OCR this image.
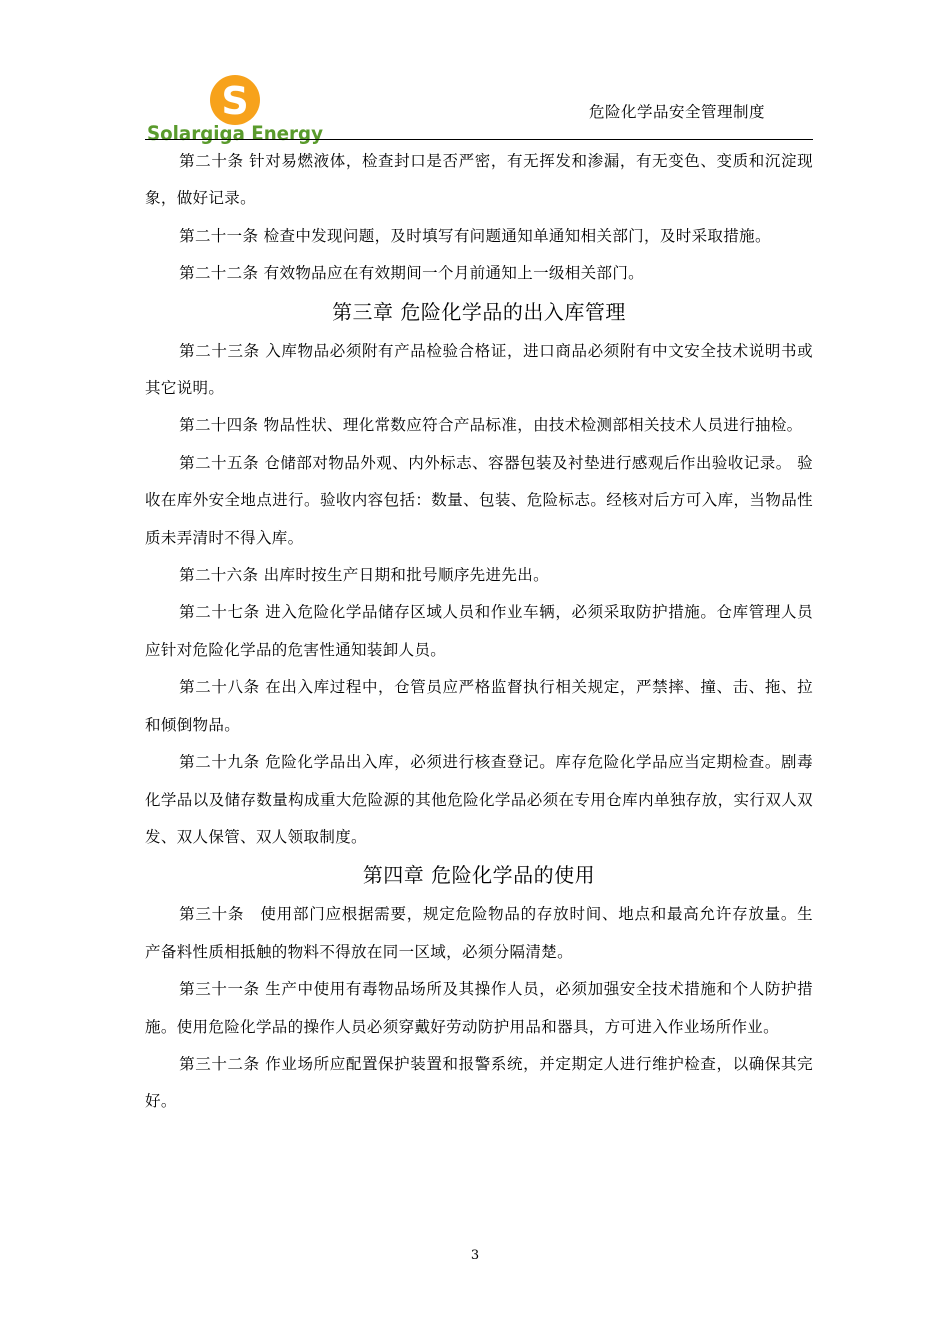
S
Solargiga Energy
危险化学品安全管理制度

第二十条 针对易燃液体，检查封口是否严密，有无挥发和渗漏，有无变色、变质和沉淀现象，做好记录。

第二十一条 检查中发现问题，及时填写有问题通知单通知相关部门，及时采取措施。

第二十二条 有效物品应在有效期间一个月前通知上一级相关部门。

第三章 危险化学品的出入库管理

第二十三条 入库物品必须附有产品检验合格证，进口商品必须附有中文安全技术说明书或其它说明。

第二十四条 物品性状、理化常数应符合产品标准，由技术检测部相关技术人员进行抽检。

第二十五条 仓储部对物品外观、内外标志、容器包装及衬垫进行感观后作出验收记录。 验收在库外安全地点进行。验收内容包括：数量、包装、危险标志。经核对后方可入库，当物品性质未弄清时不得入库。

第二十六条 出库时按生产日期和批号顺序先进先出。

第二十七条 进入危险化学品储存区域人员和作业车辆，必须采取防护措施。仓库管理人员应针对危险化学品的危害性通知装卸人员。

第二十八条 在出入库过程中，仓管员应严格监督执行相关规定，严禁摔、撞、击、拖、拉和倾倒物品。

第二十九条 危险化学品出入库，必须进行核查登记。库存危险化学品应当定期检查。剧毒化学品以及储存数量构成重大危险源的其他危险化学品必须在专用仓库内单独存放，实行双人双发、双人保管、双人领取制度。

第四章 危险化学品的使用

第三十条　使用部门应根据需要，规定危险物品的存放时间、地点和最高允许存放量。生产备料性质相抵触的物料不得放在同一区域，必须分隔清楚。

第三十一条 生产中使用有毒物品场所及其操作人员，必须加强安全技术措施和个人防护措施。使用危险化学品的操作人员必须穿戴好劳动防护用品和器具，方可进入作业场所作业。

第三十二条 作业场所应配置保护装置和报警系统，并定期定人进行维护检查，以确保其完好。

3
